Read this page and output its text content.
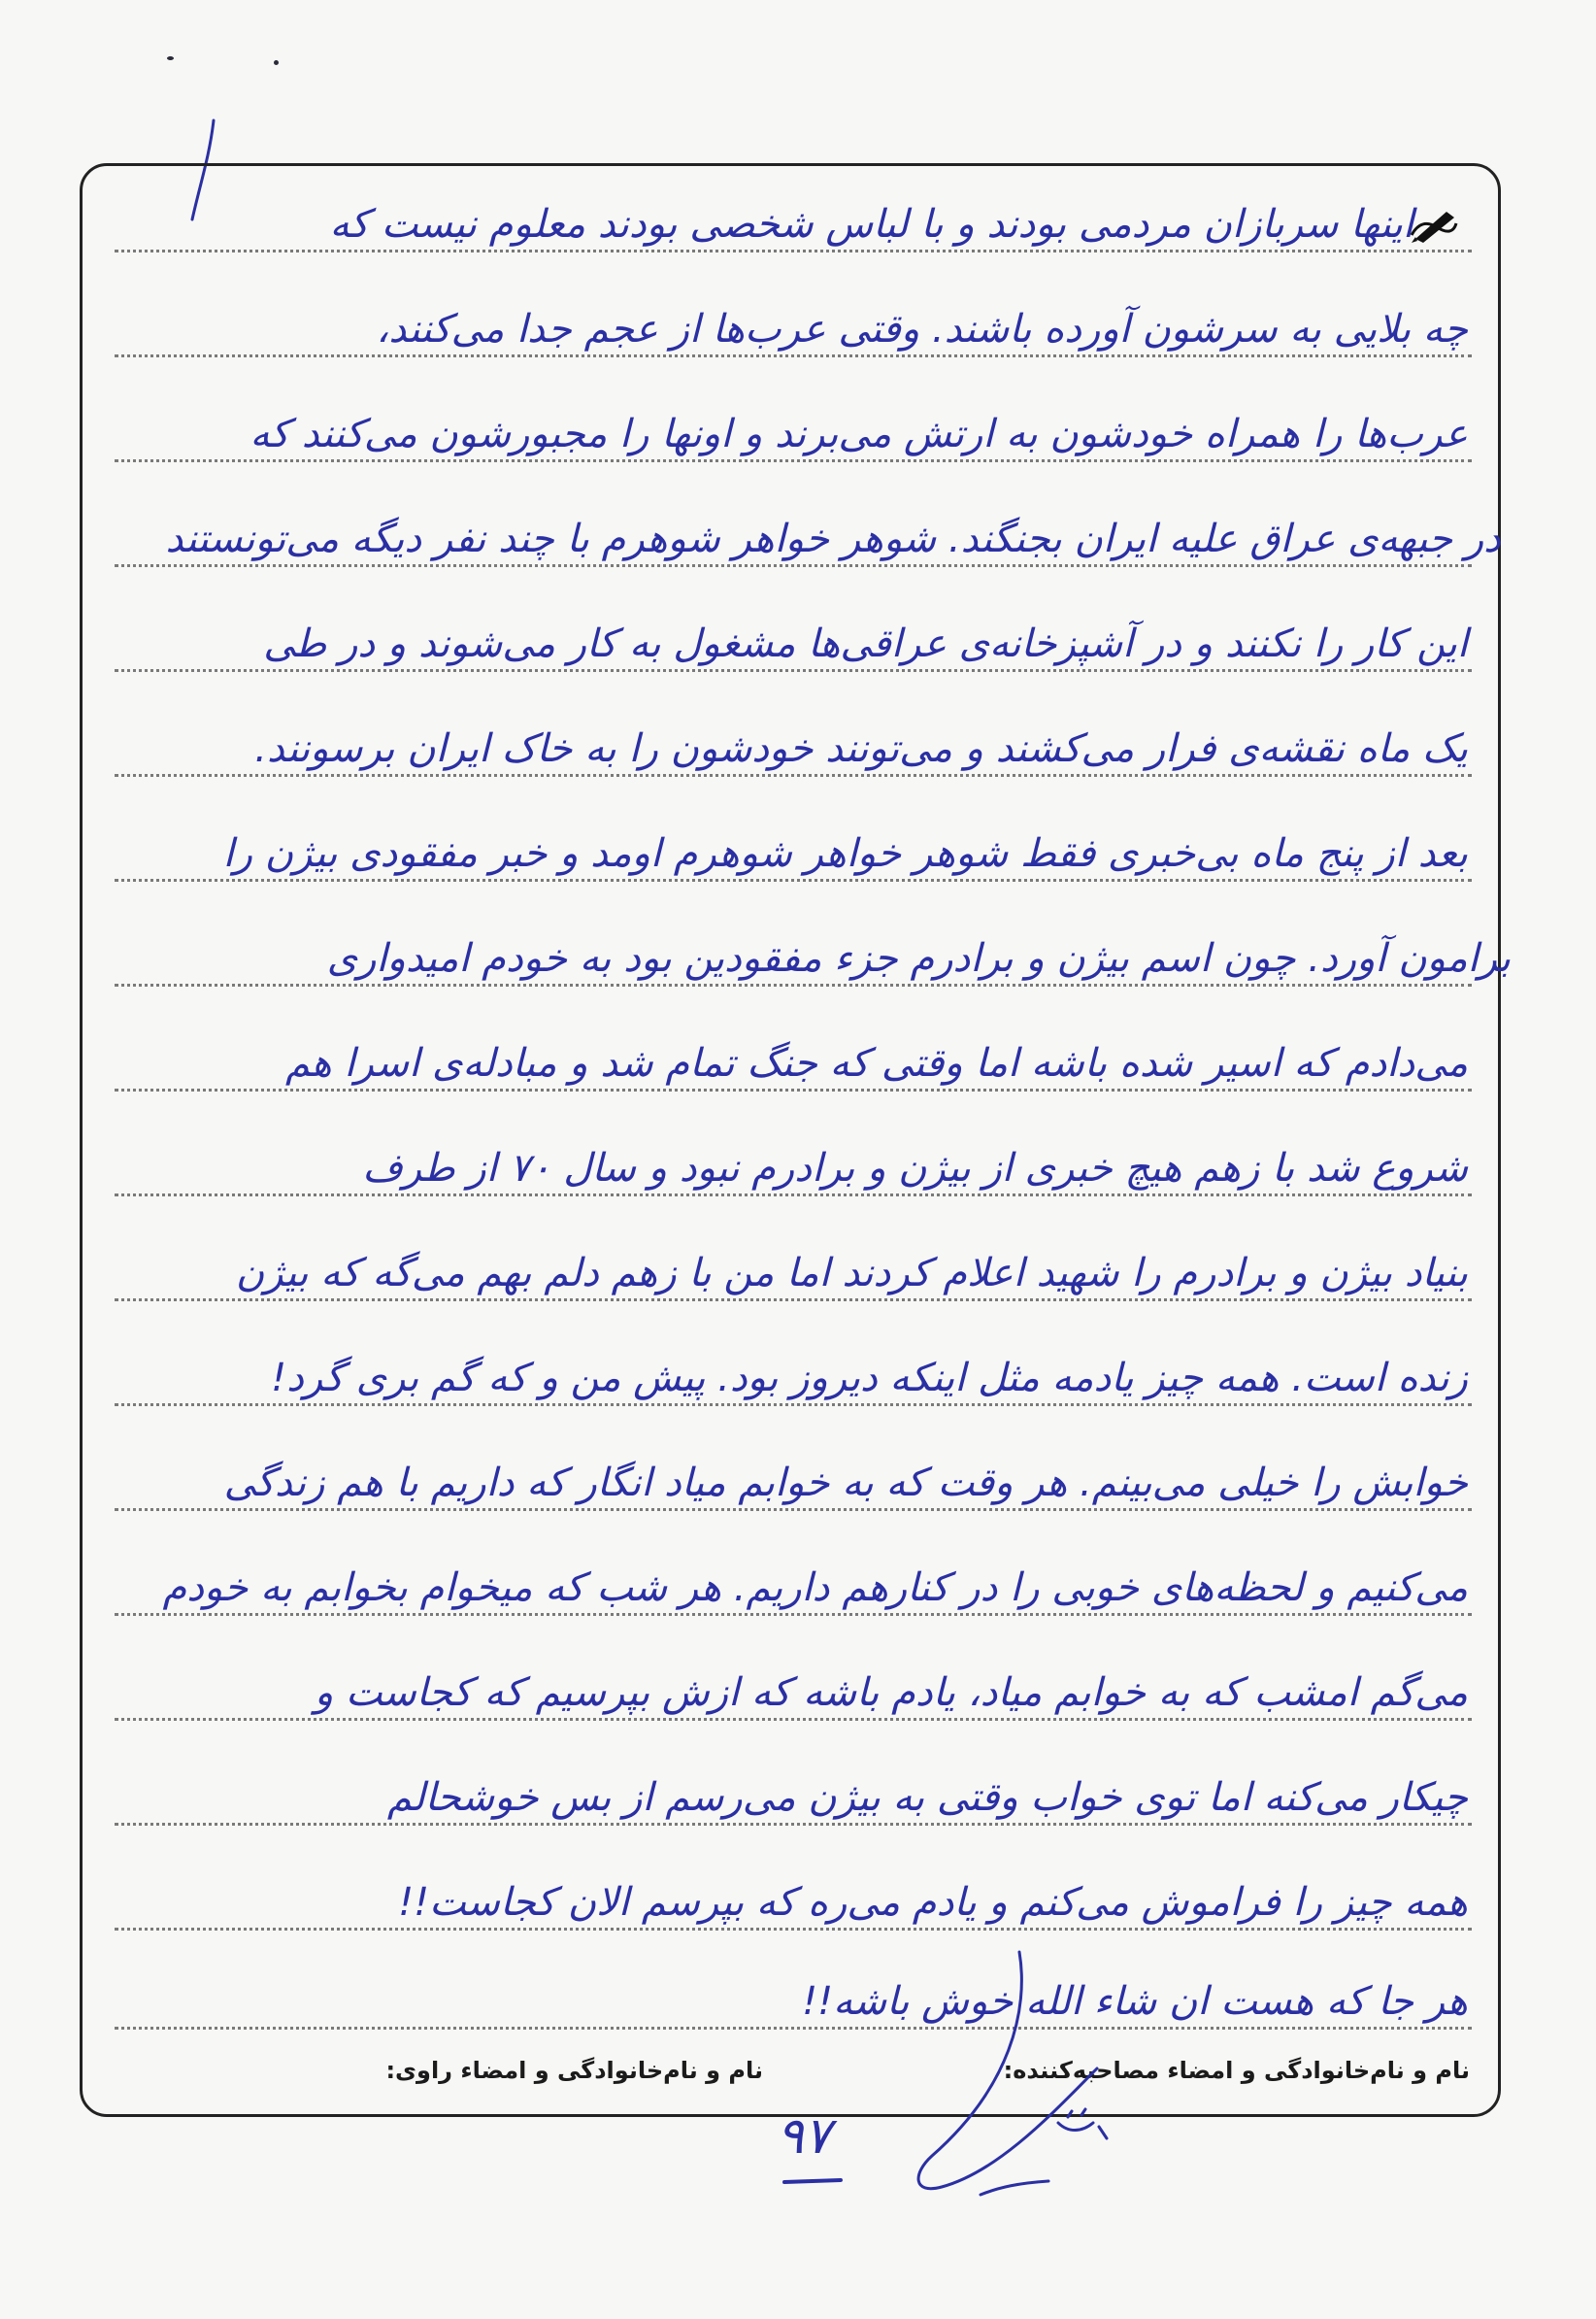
اینها سربازان مردمی بودند و با لباس شخصی بودند معلوم نیست که
چه بلایی به سرشون آورده باشند. وقتی عرب‌ها از عجم جدا می‌کنند،
عرب‌ها را همراه خودشون به ارتش می‌برند و اونها را مجبورشون می‌کنند که
در جبهه‌ی عراق علیه ایران بجنگند. شوهر خواهر شوهرم با چند نفر دیگه می‌تونستند
این کار را نکنند و در آشپزخانه‌ی عراقی‌ها مشغول به کار می‌شوند و در طی
یک ماه نقشه‌ی فرار می‌کشند و می‌تونند خودشون را به خاک ایران برسونند.
بعد از پنج ماه بی‌خبری فقط شوهر خواهر شوهرم اومد و خبر مفقودی بیژن را
برامون آورد. چون اسم بیژن و برادرم جزء مفقودین بود به خودم امیدواری
می‌دادم که اسیر شده باشه اما وقتی که جنگ تمام شد و مبادله‌ی اسرا هم
شروع شد با زهم هیچ خبری از بیژن و برادرم نبود و سال ۷۰ از طرف
بنیاد بیژن و برادرم را شهید اعلام کردند اما من با زهم دلم بهم می‌گه که بیژن
زنده است. همه چیز یادمه مثل اینکه دیروز بود. پیش من و که گم بری گرد!
خوابش را خیلی می‌بینم. هر وقت که به خوابم میاد انگار که داریم با هم زندگی
می‌کنیم و لحظه‌های خوبی را در کنارهم داریم. هر شب که میخوام بخوابم به خودم
می‌گم امشب که به خوابم میاد، یادم باشه که ازش بپرسیم که کجاست و
چیکار می‌کنه اما توی خواب وقتی به بیژن می‌رسم از بس خوشحالم
همه چیز را فراموش می‌کنم و یادم می‌ره که بپرسم الان کجاست!!
هر جا که هست ان شاء الله خوش باشه!!
نام و نام‌خانوادگی و امضاء مصاحبه‌کننده:
نام و نام‌خانوادگی و امضاء راوی:
۹۷
